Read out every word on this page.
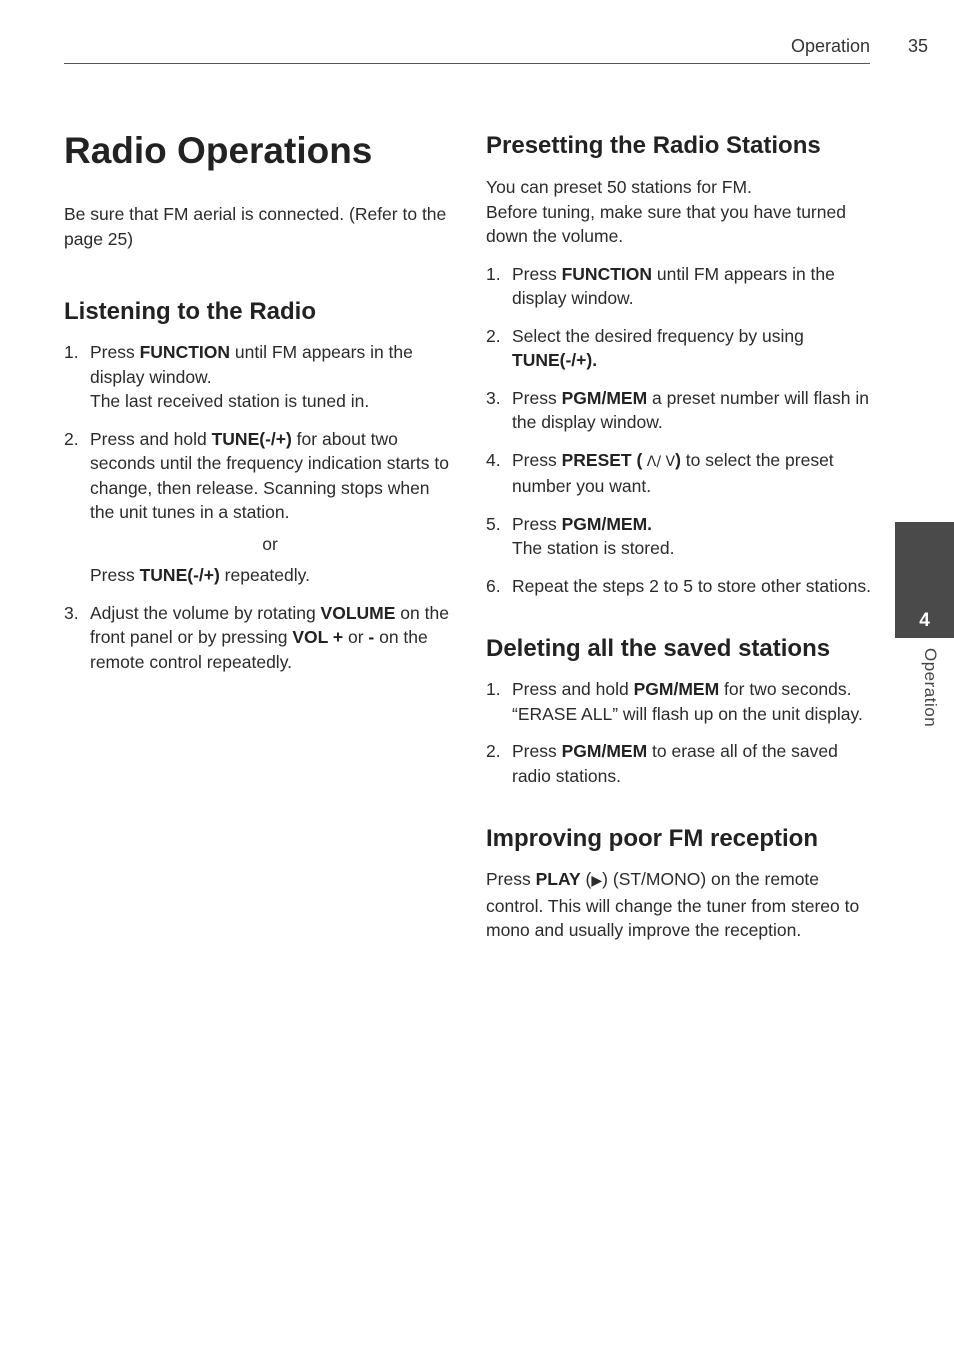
Operation	35
Radio Operations

Be sure that FM aerial is connected. (Refer to the page 25)

Listening to the Radio
1. Press FUNCTION until FM appears in the display window.
The last received station is tuned in.
2. Press and hold TUNE(-/+) for about two seconds until the frequency indication starts to change, then release. Scanning stops when the unit tunes in a station.
or
Press TUNE(-/+) repeatedly.
3. Adjust the volume by rotating VOLUME on the front panel or by pressing VOL + or - on the remote control repeatedly.
Presetting the Radio Stations

You can preset 50 stations for FM.

Before tuning, make sure that you have turned down the volume.

1. Press FUNCTION until FM appears in the display window.
2. Select the desired frequency by using TUNE(-/+).
3. Press PGM/MEM a preset number will flash in the display window.
4. Press PRESET ( ᐱ/ ᐯ) to select the preset number you want.
5. Press PGM/MEM.
The station is stored.
6. Repeat the steps 2 to 5 to store other stations.
Deleting all the saved stations
1. Press and hold PGM/MEM for two seconds. “ERASE ALL” will flash up on the unit display.
2. Press PGM/MEM to erase all of the saved radio stations.
Improving poor FM reception

Press PLAY (▶) (ST/MONO) on the remote control. This will change the tuner from stereo to mono and usually improve the reception.

4
Operation
